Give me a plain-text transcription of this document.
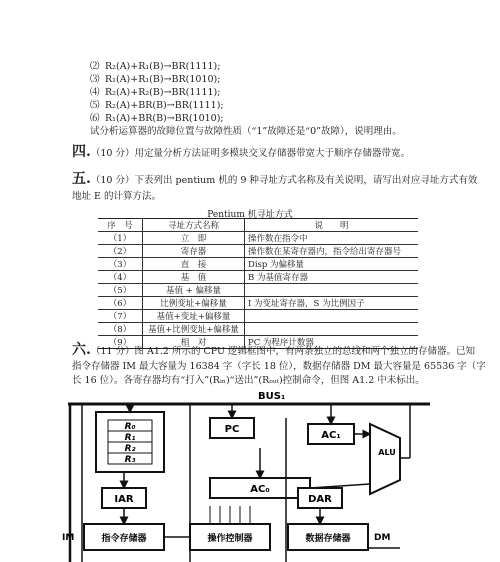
⑵ R₂(A)+R₁(B)→BR(1111);
⑶ R₁(A)+R₁(B)→BR(1010);
⑷ R₂(A)+R₂(B)→BR(1111);
⑸ R₂(A)+BR(B)→BR(1111);
⑹ R₁(A)+BR(B)→BR(1010);
试分析运算器的故障位置与故障性质（“1”故障还是“0”故障），说明理由。
四.（10 分）用定量分析方法证明多模块交叉存储器带宽大于顺序存储器带宽。
五.（10 分）下表列出 pentium 机的 9 种寻址方式名称及有关说明，请写出对应寻址方式有效
地址 E 的计算方法。
Pentium 机寻址方式
序　号	寻址方式名称	说　　明
（1）	立　即	操作数在指令中
（2）	寄存器	操作数在某寄存器内，指令给出寄存器号
（3）	直　接	Disp 为偏移量
（4）	基　值	B 为基值寄存器
（5）	基值 + 偏移量	
（6）	比例变址+偏移量	I 为变址寄存器，S 为比例因子
（7）	基值+变址+偏移量	
（8）	基值+比例变址+偏移量	
（9）	相　对	PC 为程序计数器
六.（11 分）图 A1.2 所示的 CPU 逻辑框图中，有两条独立的总线和两个独立的存储器。已知
指令存储器 IM 最大容量为 16384 字（字长 18 位），数据存储器 DM 最大容量是 65536 字（字
长 16 位）。各寄存器均有“打入”(Rᵢₙ)“送出”(Rₒᵤₜ)控制命令，但图 A1.2 中未标出。
BUS₁
R₀
R₁
R₂
R₃
PC
AC₁
ALU
AC₀
IAR	DAR
IM	指令存储器	操作控制器	数据存储器	DM
